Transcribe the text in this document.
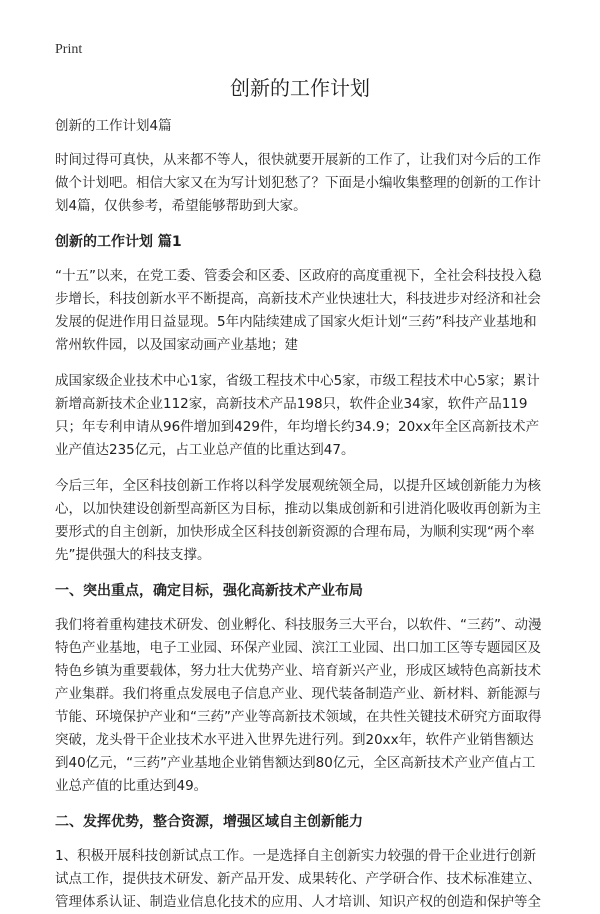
Print
创新的工作计划
创新的工作计划4篇

时间过得可真快，从来都不等人，很快就要开展新的工作了，让我们对今后的工作做个计划吧。相信大家又在为写计划犯愁了？下面是小编收集整理的创新的工作计划4篇，仅供参考，希望能够帮助到大家。

创新的工作计划 篇1

“十五”以来，在党工委、管委会和区委、区政府的高度重视下，全社会科技投入稳步增长，科技创新水平不断提高，高新技术产业快速壮大，科技进步对经济和社会发展的促进作用日益显现。5年内陆续建成了国家火炬计划“三药”科技产业基地和常州软件园，以及国家动画产业基地；建

成国家级企业技术中心1家，省级工程技术中心5家，市级工程技术中心5家；累计新增高新技术企业112家，高新技术产品198只，软件企业34家，软件产品119只；年专利申请从96件增加到429件，年均增长约34.9；20xx年全区高新技术产业产值达235亿元，占工业总产值的比重达到47。

今后三年，全区科技创新工作将以科学发展观统领全局，以提升区域创新能力为核心，以加快建设创新型高新区为目标，推动以集成创新和引进消化吸收再创新为主要形式的自主创新，加快形成全区科技创新资源的合理布局，为顺利实现“两个率先”提供强大的科技支撑。

一、突出重点，确定目标，强化高新技术产业布局

我们将着重构建技术研发、创业孵化、科技服务三大平台，以软件、“三药”、动漫特色产业基地，电子工业园、环保产业园、滨江工业园、出口加工区等专题园区及特色乡镇为重要载体，努力壮大优势产业、培育新兴产业，形成区域特色高新技术产业集群。我们将重点发展电子信息产业、现代装备制造产业、新材料、新能源与节能、环境保护产业和“三药”产业等高新技术领域，在共性关键技术研究方面取得突破，龙头骨干企业技术水平进入世界先进行列。到20xx年，软件产业销售额达到40亿元，“三药”产业基地企业销售额达到80亿元，全区高新技术产业产值占工业总产值的比重达到49。

二、发挥优势，整合资源，增强区域自主创新能力

1、积极开展科技创新试点工作。一是选择自主创新实力较强的骨干企业进行创新试点工作，提供技术研发、新产品开发、成果转化、产学研合作、技术标准建立、管理体系认证、制造业信息化技术的应用、人才培训、知识产权的创造和保护等全
